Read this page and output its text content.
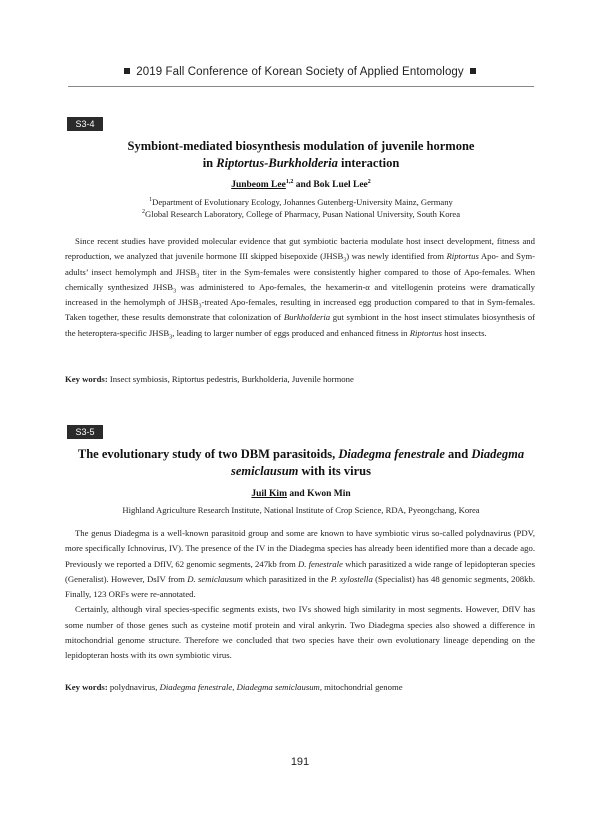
2019 Fall Conference of Korean Society of Applied Entomology
S3-4
Symbiont-mediated biosynthesis modulation of juvenile hormone
in Riptortus-Burkholderia interaction
Junbeom Lee$^{1,2}$ and Bok Luel Lee$^2$
$^1$Department of Evolutionary Ecology, Johannes Gutenberg-University Mainz, Germany
$^2$Global Research Laboratory, College of Pharmacy, Pusan National University, South Korea

Since recent studies have provided molecular evidence that gut symbiotic bacteria modulate host insect development, fitness and reproduction, we analyzed that juvenile hormone III skipped bisepoxide $(JHSB_3)$ was newly identified from Riptortus Apo- and Sym-adults’ insect hemolymph and $JHSB_3$ titer in the Sym-females were consistently higher compared to those of Apo-females. When chemically synthesized $JHSB_3$ was administered to Apo-females, the hexamerin-α and vitellogenin proteins were dramatically increased in the hemolymph of $JHSB_3$-treated Apo-females, resulting in increased egg production compared to that in Sym-females. Taken together, these results demonstrate that colonization of Burkholderia gut symbiont in the host insect stimulates biosynthesis of the heteroptera-specific $JHSB_3$, leading to larger number of eggs produced and enhanced fitness in Riptortus host insects.

Key words: Insect symbiosis, Riptortus pedestris, Burkholderia, Juvenile hormone
S3-5
The evolutionary study of two DBM parasitoids, Diadegma fenestrale and Diadegma
semiclausum with its virus
Juil Kim and Kwon Min
Highland Agriculture Research Institute, National Institute of Crop Science, RDA, Pyeongchang, Korea

The genus Diadegma is a well-known parasitoid group and some are known to have symbiotic virus so-called polydnavirus (PDV, more specifically Ichnovirus, IV). The presence of the IV in the Diadegma species has already been identified more than a decade ago. Previously we reported a DfIV, 62 genomic segments, 247kb from D. fenestrale which parasitized a wide range of lepidopteran species (Generalist). However, DsIV from D. semiclausum which parasitized in the P. xylostella (Specialist) has 48 genomic segments, 208kb. Finally, 123 ORFs were re-annotated.

Certainly, although viral species-specific segments exists, two IVs showed high similarity in most segments. However, DfIV has some number of those genes such as cysteine motif protein and viral ankyrin. Two Diadegma species also showed a difference in mitochondrial genome structure. Therefore we concluded that two species have their own evolutionary lineage depending on the lepidopteran hosts with its own symbiotic virus.

Key words: polydnavirus, Diadegma fenestrale, Diadegma semiclausum, mitochondrial genome
191
